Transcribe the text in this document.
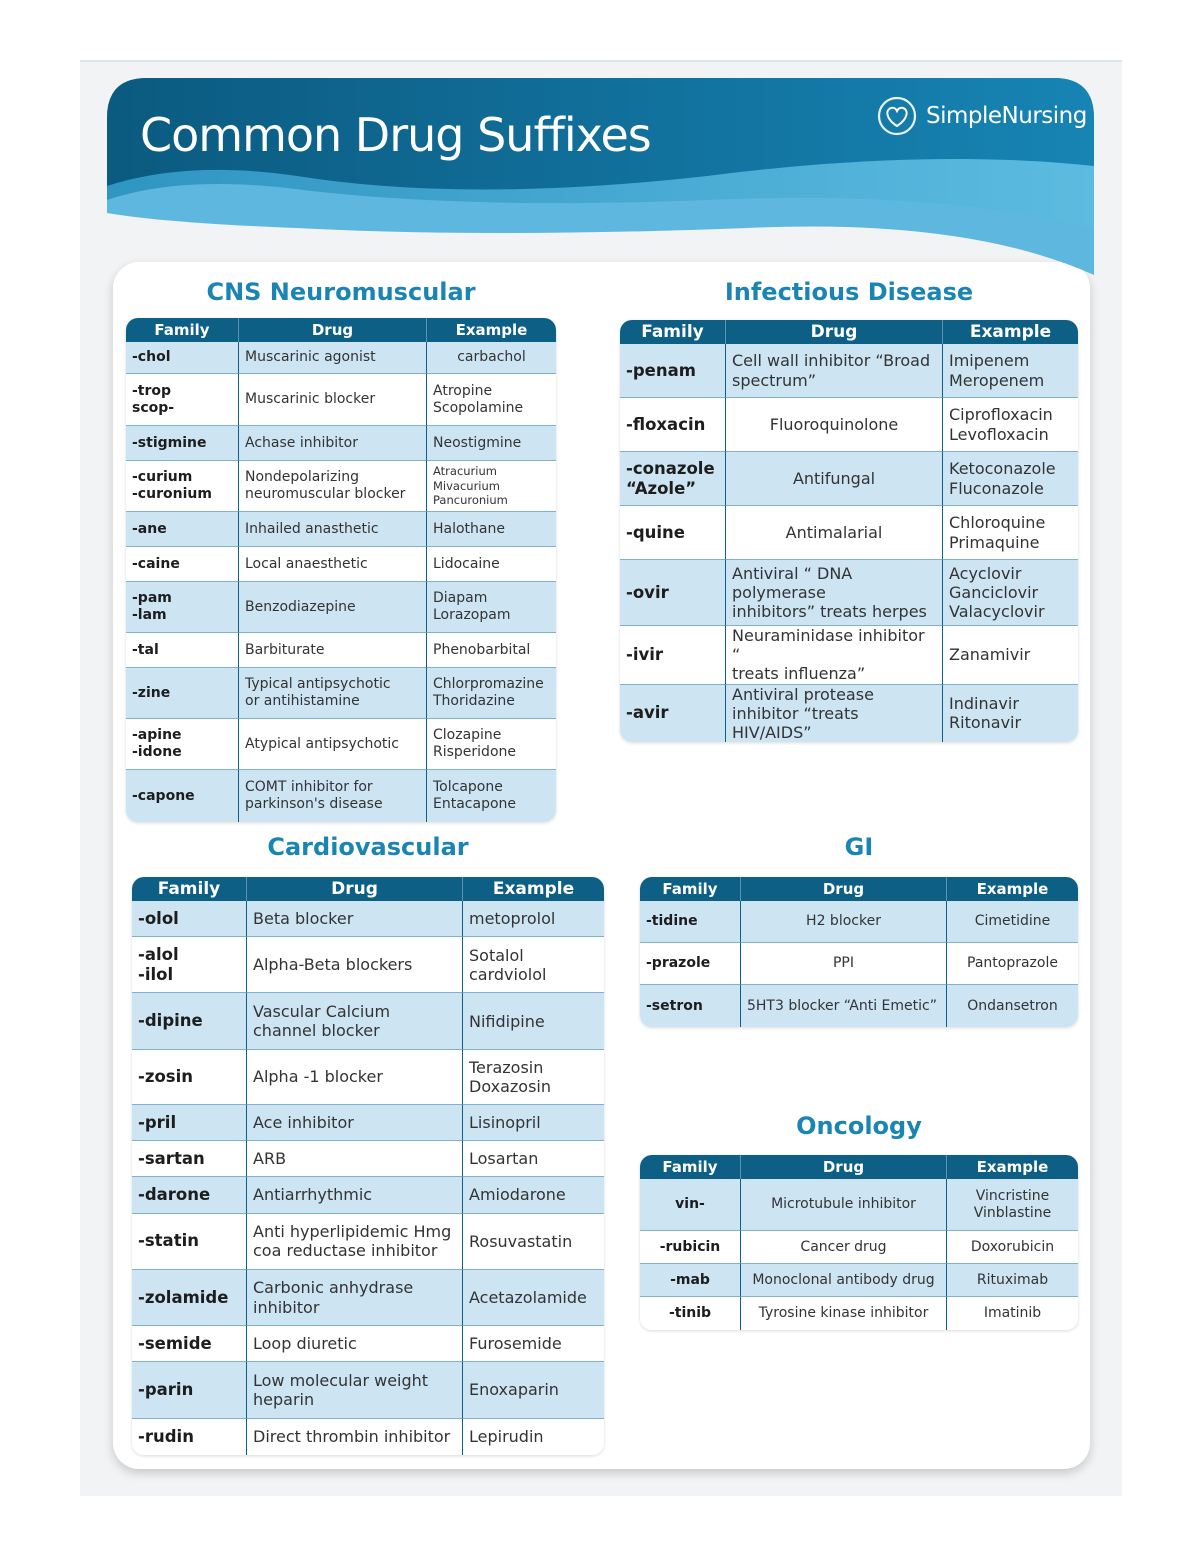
Common Drug Suffixes	SimpleNursing
CNS Neuromuscular
Family	Drug	Example
-chol	Muscarinic agonist	carbachol
-trop
scop-	Muscarinic blocker	Atropine
Scopolamine
-stigmine	Achase inhibitor	Neostigmine
-curium
-curonium	Nondepolarizing
neuromuscular blocker	Atracurium
Mivacurium
Pancuronium
-ane	Inhailed anasthetic	Halothane
-caine	Local anaesthetic	Lidocaine
-pam
-lam	Benzodiazepine	Diapam
Lorazopam
-tal	Barbiturate	Phenobarbital
-zine	Typical antipsychotic
or antihistamine	Chlorpromazine
Thoridazine
-apine
-idone	Atypical antipsychotic	Clozapine
Risperidone
-capone	COMT inhibitor for
parkinson's disease	Tolcapone
Entacapone
Infectious Disease
Family	Drug	Example
-penam	Cell wall inhibitor “Broad
spectrum”	Imipenem
Meropenem
-floxacin	Fluoroquinolone	Ciprofloxacin
Levofloxacin
-conazole
“Azole”	Antifungal	Ketoconazole
Fluconazole
-quine	Antimalarial	Chloroquine
Primaquine
-ovir	Antiviral “ DNA polymerase
inhibitors” treats herpes	Acyclovir
Ganciclovir
Valacyclovir
-ivir	Neuraminidase inhibitor “
treats influenza”	Zanamivir
-avir	Antiviral protease
inhibitor “treats HIV/AIDS”	Indinavir
Ritonavir
Cardiovascular
Family	Drug	Example
-olol	Beta blocker	metoprolol
-alol
-ilol	Alpha-Beta blockers	Sotalol
cardviolol
-dipine	Vascular Calcium
channel blocker	Nifidipine
-zosin	Alpha -1 blocker	Terazosin
Doxazosin
-pril	Ace inhibitor	Lisinopril
-sartan	ARB	Losartan
-darone	Antiarrhythmic	Amiodarone
-statin	Anti hyperlipidemic Hmg
coa reductase inhibitor	Rosuvastatin
-zolamide	Carbonic anhydrase
inhibitor	Acetazolamide
-semide	Loop diuretic	Furosemide
-parin	Low molecular weight
heparin	Enoxaparin
-rudin	Direct thrombin inhibitor	Lepirudin
GI
Family	Drug	Example
-tidine	H2 blocker	Cimetidine
-prazole	PPI	Pantoprazole
-setron	5HT3 blocker “Anti Emetic”	Ondansetron
Oncology
Family	Drug	Example
vin-	Microtubule inhibitor	Vincristine
Vinblastine
-rubicin	Cancer drug	Doxorubicin
-mab	Monoclonal antibody drug	Rituximab
-tinib	Tyrosine kinase inhibitor	Imatinib
